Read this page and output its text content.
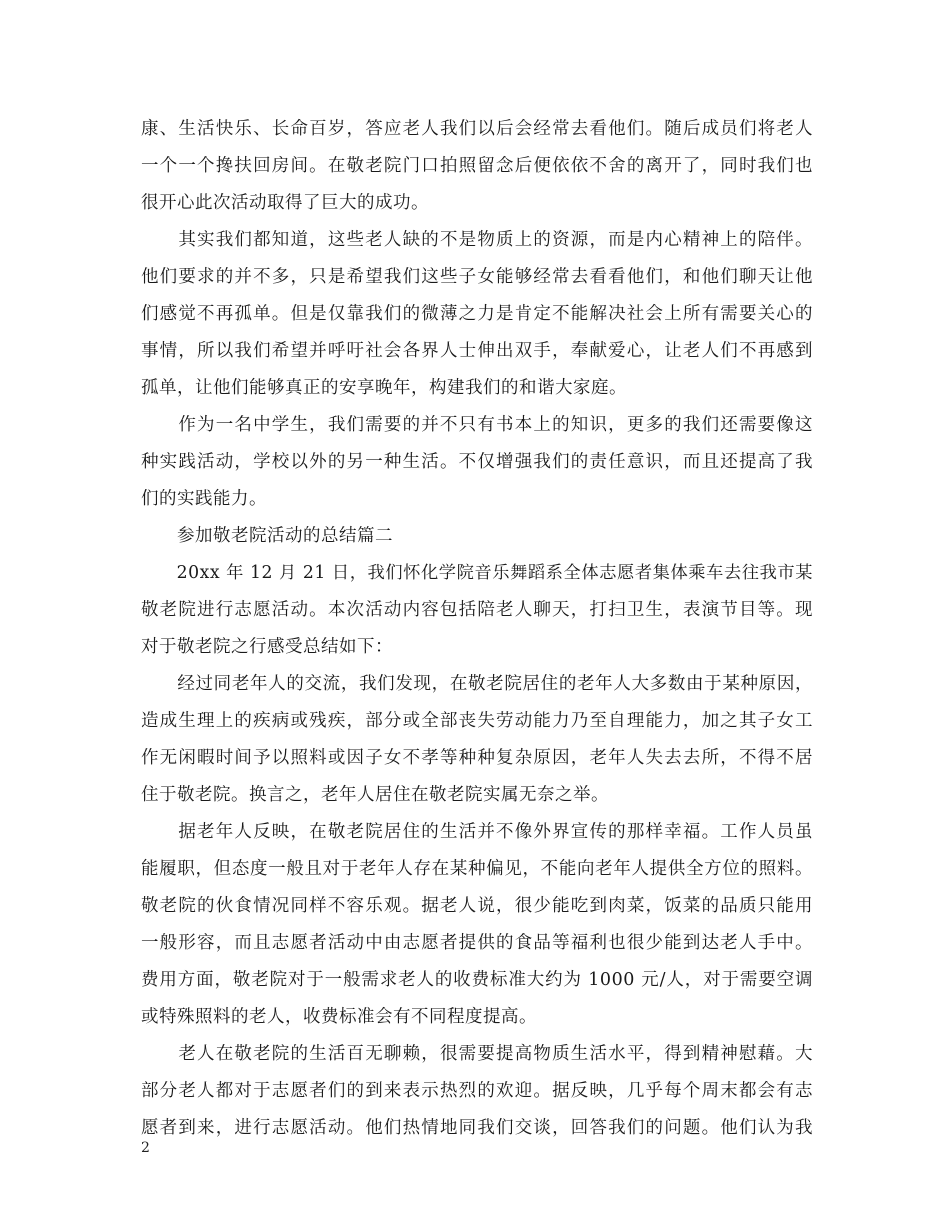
康、生活快乐、长命百岁，答应老人我们以后会经常去看他们。随后成员们将老人
一个一个搀扶回房间。在敬老院门口拍照留念后便依依不舍的离开了，同时我们也
很开心此次活动取得了巨大的成功。
　　其实我们都知道，这些老人缺的不是物质上的资源，而是内心精神上的陪伴。
他们要求的并不多，只是希望我们这些子女能够经常去看看他们，和他们聊天让他
们感觉不再孤单。但是仅靠我们的微薄之力是肯定不能解决社会上所有需要关心的
事情，所以我们希望并呼吁社会各界人士伸出双手，奉献爱心，让老人们不再感到
孤单，让他们能够真正的安享晚年，构建我们的和谐大家庭。
　　作为一名中学生，我们需要的并不只有书本上的知识，更多的我们还需要像这
种实践活动，学校以外的另一种生活。不仅增强我们的责任意识，而且还提高了我
们的实践能力。
　　参加敬老院活动的总结篇二
　　20xx 年 12 月 21 日，我们怀化学院音乐舞蹈系全体志愿者集体乘车去往我市某
敬老院进行志愿活动。本次活动内容包括陪老人聊天，打扫卫生，表演节目等。现
对于敬老院之行感受总结如下：
　　经过同老年人的交流，我们发现，在敬老院居住的老年人大多数由于某种原因，
造成生理上的疾病或残疾，部分或全部丧失劳动能力乃至自理能力，加之其子女工
作无闲暇时间予以照料或因子女不孝等种种复杂原因，老年人失去去所，不得不居
住于敬老院。换言之，老年人居住在敬老院实属无奈之举。
　　据老年人反映，在敬老院居住的生活并不像外界宣传的那样幸福。工作人员虽
能履职，但态度一般且对于老年人存在某种偏见，不能向老年人提供全方位的照料。
敬老院的伙食情况同样不容乐观。据老人说，很少能吃到肉菜，饭菜的品质只能用
一般形容，而且志愿者活动中由志愿者提供的食品等福利也很少能到达老人手中。
费用方面，敬老院对于一般需求老人的收费标准大约为 1000 元/人，对于需要空调
或特殊照料的老人，收费标准会有不同程度提高。
　　老人在敬老院的生活百无聊赖，很需要提高物质生活水平，得到精神慰藉。大
部分老人都对于志愿者们的到来表示热烈的欢迎。据反映，几乎每个周末都会有志
愿者到来，进行志愿活动。他们热情地同我们交谈，回答我们的问题。他们认为我
2
